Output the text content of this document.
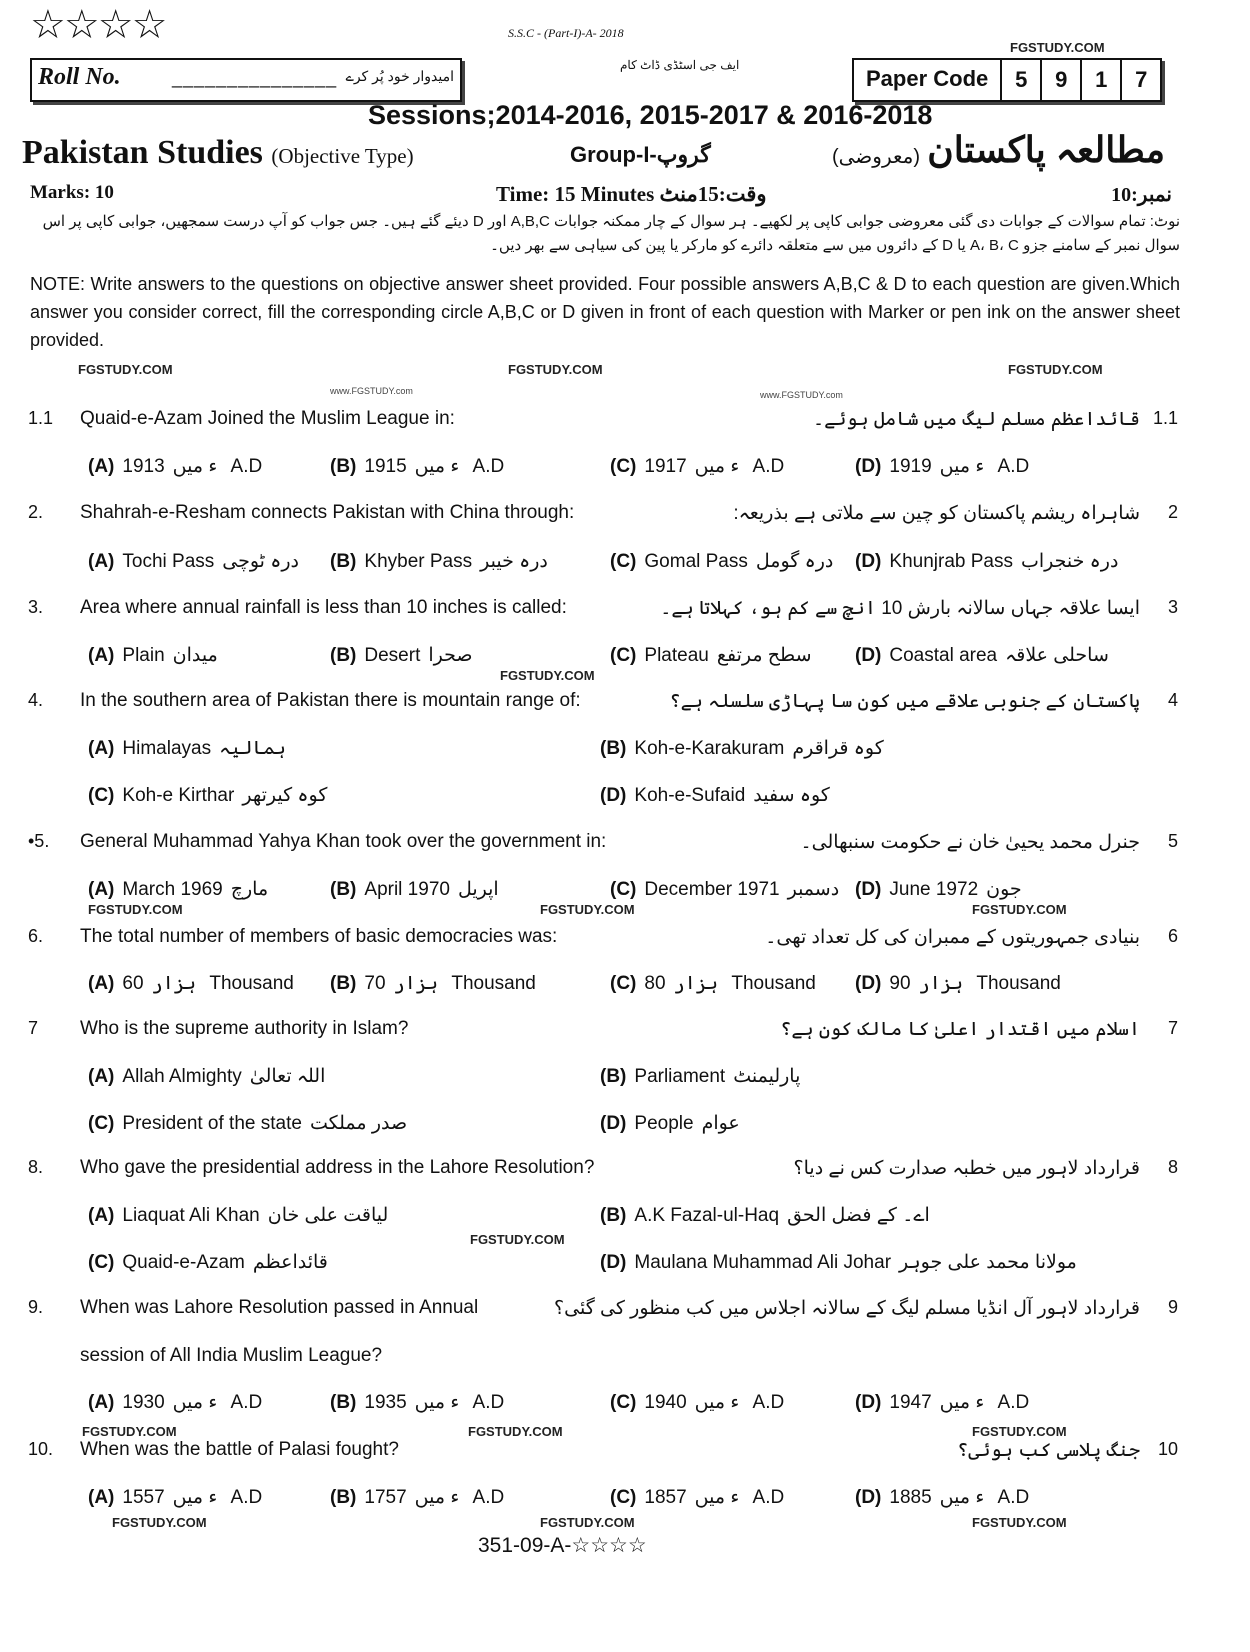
☆☆☆☆	S.S.C - (Part-I)-A- 2018
ایف جی اسٹڈی ڈاٹ کام
FGSTUDY.COM
Roll No.	_______________ امیدوار خود پُر کرے	Paper Code	5	9	1	7
Sessions;2014-2016, 2015-2017 & 2016-2018
Pakistan Studies (Objective Type)	Group-I-گروپ	(معروضی) مطالعہ پاکستان
Marks: 10	Time: 15 Minutes وقت:15منٹ	نمبر:10
نوٹ: تمام سوالات کے جوابات دی گئی معروضی جوابی کاپی پر لکھیے۔ ہر سوال کے چار ممکنہ جوابات A,B,C اور D دیئے گئے ہیں۔ جس جواب کو آپ درست سمجھیں، جوابی کاپی پر اس سوال نمبر کے سامنے جزو A، B، C یا D کے دائروں میں سے متعلقہ دائرے کو مارکر یا پین کی سیاہی سے بھر دیں۔
NOTE: Write answers to the questions on objective answer sheet provided. Four possible answers A,B,C & D to each question are given.Which answer you consider correct, fill the corresponding circle A,B,C or D given in front of each question with Marker or pen ink on the answer sheet provided.
FGSTUDY.COM	FGSTUDY.COM	FGSTUDY.COM
www.FGSTUDY.com	www.FGSTUDY.com
FGSTUDY.COM	FGSTUDY.COM	FGSTUDY.COM
FGSTUDY.COM
FGSTUDY.COM
FGSTUDY.COM	FGSTUDY.COM	FGSTUDY.COM
FGSTUDY.COM	FGSTUDY.COM	FGSTUDY.COM
1.1 Quaid-e-Azam Joined the Muslim League in:	قائداعظم مسلم لیگ میں شامل ہوئے۔ 1.1
(A)	ء میں1913 A.D	(B)	ء میں1915 A.D	(C)	ء میں1917 A.D	(D)	ء میں1919 A.D
2. Shahrah-e-Resham connects Pakistan with China through:	شاہراہ ریشم پاکستان کو چین سے ملاتی ہے بذریعہ: 2
(A) Tochi Pass درہ ٹوچی	(B) Khyber Pass درہ خیبر	(C) Gomal Pass درہ گومل	(D) Khunjrab Pass درہ خنجراب
3. Area where annual rainfall is less than 10 inches is called:	ایسا علاقہ جہاں سالانہ بارش 10 انچ سے کم ہو، کہلاتا ہے۔ 3
(A) Plain میدان	(B) Desert صحرا	(C) Plateau سطح مرتفع	(D) Coastal area ساحلی علاقہ
4. In the southern area of Pakistan there is mountain range of:	پاکستان کے جنوبی علاقے میں کون سا پہاڑی سلسلہ ہے؟ 4
(A) Himalayas ہمالیہ	(B) Koh-e-Karakuram کوہ قراقرم
(C) Koh-e Kirthar کوہ کیرتھر	(D) Koh-e-Sufaid کوہ سفید
•5. General Muhammad Yahya Khan took over the government in:	جنرل محمد یحییٰ خان نے حکومت سنبھالی۔ 5
(A) March 1969 مارچ	(B) April 1970 اپریل	(C) December 1971 دسمبر (D) June 1972 جون
6. The total number of members of basic democracies was:	بنیادی جمہوریتوں کے ممبران کی کل تعداد تھی۔ 6
(A) ہزار60 Thousand (B) ہزار70 Thousand	(C) ہزار80 Thousand (D) ہزار90 Thousand
7 Who is the supreme authority in Islam?	اسلام میں اقتدار اعلیٰ کا مالک کون ہے؟ 7
(A) Allah Almighty اللہ تعالیٰ	(B) Parliament پارلیمنٹ
(C) President of the state صدر مملکت	(D) People عوام
8. Who gave the presidential address in the Lahore Resolution?	قرارداد لاہور میں خطبہ صدارت کس نے دیا؟ 8
(A) Liaquat Ali Khan لیاقت علی خان	(B) A.K Fazal-ul-Haq اے۔ کے فضل الحق
(C) Quaid-e-Azam قائداعظم	(D) Maulana Muhammad Ali Johar مولانا محمد علی جوہر
9. When was Lahore Resolution passed in Annual
session of All India Muslim League?
قرارداد لاہور آل انڈیا مسلم لیگ کے سالانہ اجلاس میں کب منظور کی گئی؟ 9
(A)	ء میں1930 A.D	(B)	ء میں1935 A.D	(C)	ء میں1940 A.D	(D)	ء میں1947 A.D
10. When was the battle of Palasi fought?	جنگ پلاسی کب ہوئی؟ 10
(A)	ء میں1557 A.D	(B)	ء میں1757 A.D	(C)	ء میں1857 A.D	(D)	ء میں1885 A.D
351-09-A-☆☆☆☆
